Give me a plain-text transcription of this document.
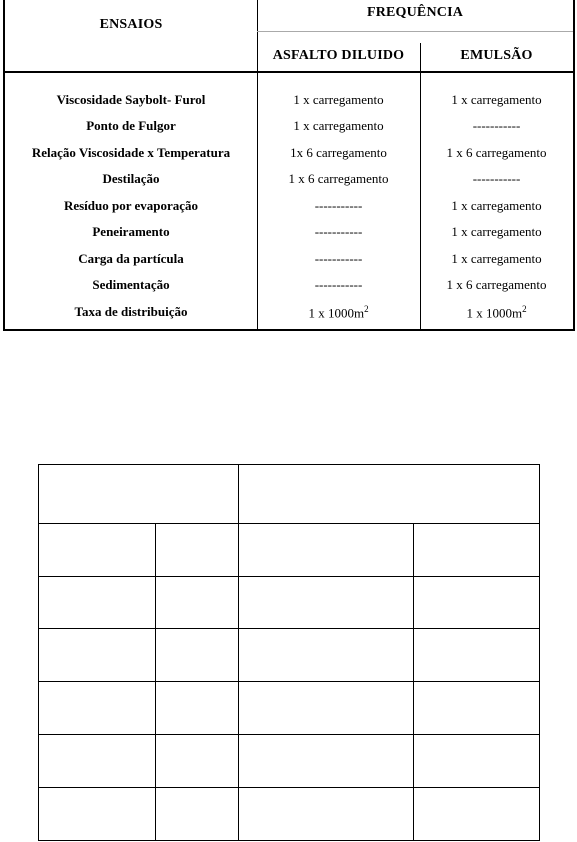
ENSAIOS
FREQUÊNCIA
ASFALTO DILUIDO	EMULSÃO
Viscosidade Saybolt- Furol	1 x carregamento	1 x carregamento
Ponto de Fulgor	1 x carregamento	-----------
Relação Viscosidade x Temperatura	1x 6 carregamento	1 x 6 carregamento
Destilação	1 x 6 carregamento	-----------
Resíduo por evaporação	-----------	1 x carregamento
Peneiramento	-----------	1 x carregamento
Carga da partícula	-----------	1 x carregamento
Sedimentação	-----------	1 x 6 carregamento
Taxa de distribuição	1 x $1000m^2$	1 x $1000m^2$
